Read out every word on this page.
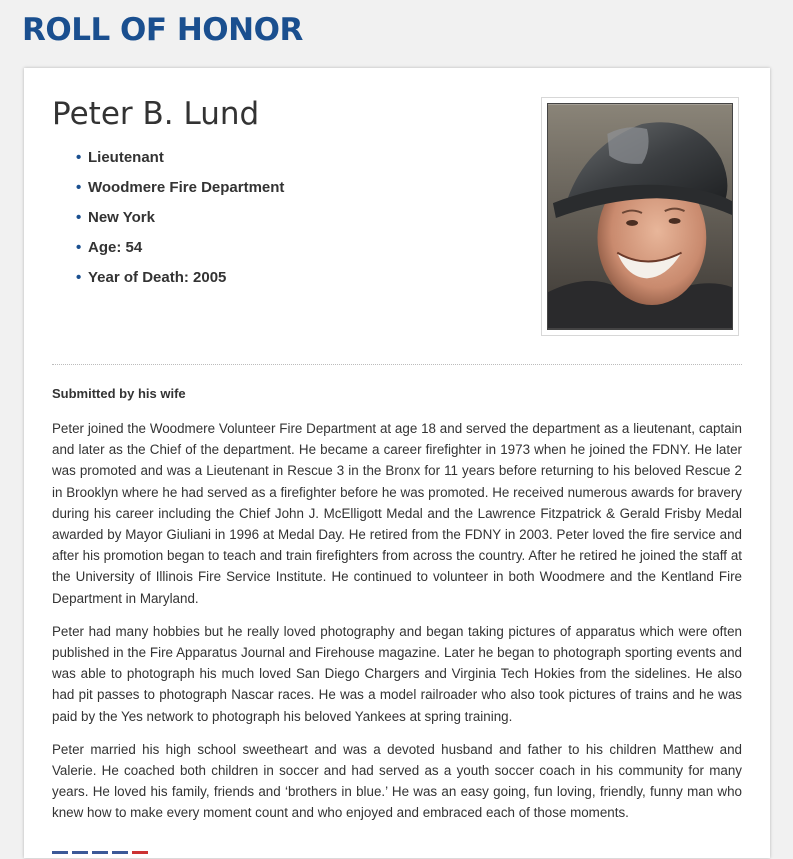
ROLL OF HONOR
Peter B. Lund
• Lieutenant
• Woodmere Fire Department
• New York
• Age: 54
• Year of Death: 2005
Submitted by his wife

Peter joined the Woodmere Volunteer Fire Department at age 18 and served the department as a lieutenant, captain and later as the Chief of the department. He became a career firefighter in 1973 when he joined the FDNY. He later was promoted and was a Lieutenant in Rescue 3 in the Bronx for 11 years before returning to his beloved Rescue 2 in Brooklyn where he had served as a firefighter before he was promoted. He received numerous awards for bravery during his career including the Chief John J. McElligott Medal and the Lawrence Fitzpatrick & Gerald Frisby Medal awarded by Mayor Giuliani in 1996 at Medal Day. He retired from the FDNY in 2003. Peter loved the fire service and after his promotion began to teach and train firefighters from across the country. After he retired he joined the staff at the University of Illinois Fire Service Institute. He continued to volunteer in both Woodmere and the Kentland Fire Department in Maryland.

Peter had many hobbies but he really loved photography and began taking pictures of apparatus which were often published in the Fire Apparatus Journal and Firehouse magazine. Later he began to photograph sporting events and was able to photograph his much loved San Diego Chargers and Virginia Tech Hokies from the sidelines. He also had pit passes to photograph Nascar races. He was a model railroader who also took pictures of trains and he was paid by the Yes network to photograph his beloved Yankees at spring training.

Peter married his high school sweetheart and was a devoted husband and father to his children Matthew and Valerie. He coached both children in soccer and had served as a youth soccer coach in his community for many years. He loved his family, friends and ‘brothers in blue.’ He was an easy going, fun loving, friendly, funny man who knew how to make every moment count and who enjoyed and embraced each of those moments.
